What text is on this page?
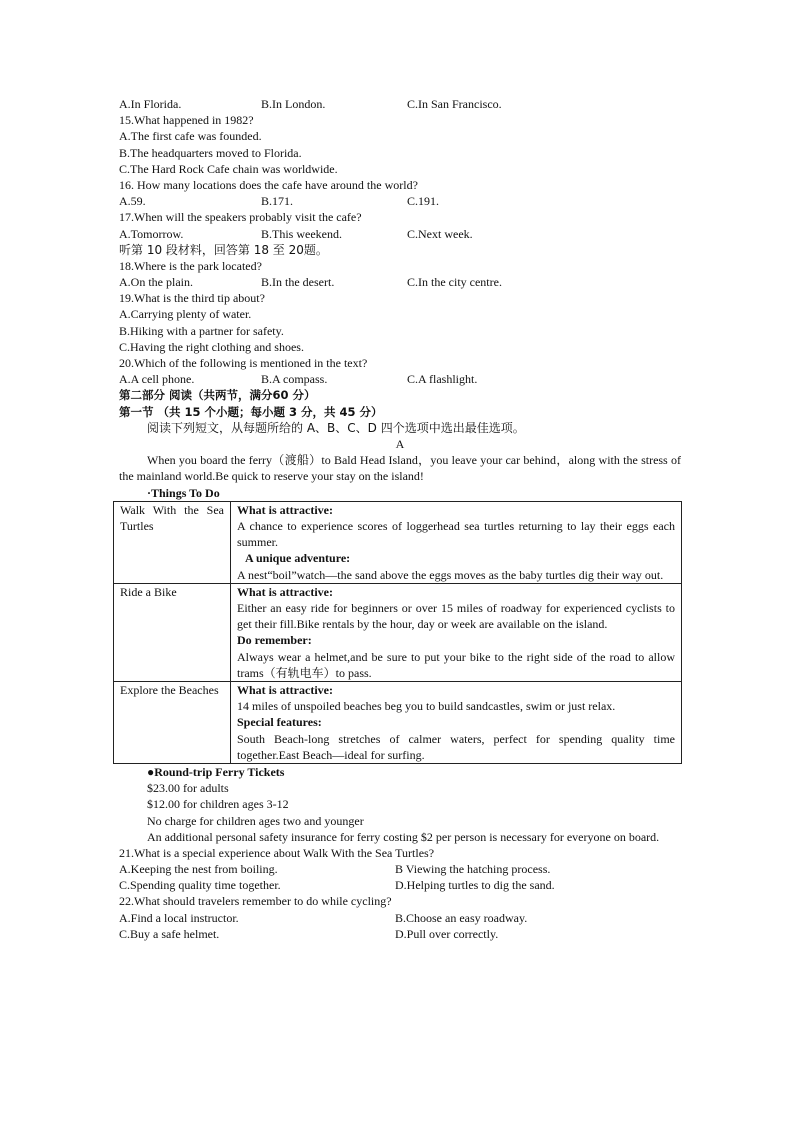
A.In Florida.	B.In London.	C.In San Francisco.
15.What happened in 1982?
A.The first cafe was founded.
B.The headquarters moved to Florida.
C.The Hard Rock Cafe chain was worldwide.
16. How many locations does the cafe have around the world?
A.59.	B.171.	C.191.
17.When will the speakers probably visit the cafe?
A.Tomorrow.	B.This weekend.	C.Next week.
听第 10 段材料，回答第 18 至 20题。
18.Where is the park located?
A.On the plain.	B.In the desert.	C.In the city centre.
19.What is the third tip about?
A.Carrying plenty of water.
B.Hiking with a partner for safety.
C.Having the right clothing and shoes.
20.Which of the following is mentioned in the text?
A.A cell phone.	B.A compass.	C.A flashlight.
第二部分 阅读（共两节，满分60 分）
第一节 （共 15 个小题；每小题 3 分，共 45 分）
阅读下列短文，从每题所给的 A、B、C、D 四个选项中选出最佳选项。
A
When you board the ferry（渡船）to Bald Head Island，you leave your car behind，along with the stress of the mainland world.Be quick to reserve your stay on the island!
·Things To Do
Walk With the Sea Turtles	What is attractive:
A chance to experience scores of loggerhead sea turtles returning to lay their eggs each summer.
A unique adventure:
A nest“boil”watch—the sand above the eggs moves as the baby turtles dig their way out.

Ride a Bike	What is attractive:
Either an easy ride for beginners or over 15 miles of roadway for experienced cyclists to get their fill.Bike rentals by the hour, day or week are available on the island.
Do remember:
Always wear a helmet,and be sure to put your bike to the right side of the road to allow trams（有轨电车）to pass.

Explore the Beaches	What is attractive:
14 miles of unspoiled beaches beg you to build sandcastles, swim or just relax.
Special features:
South Beach-long stretches of calmer waters, perfect for spending quality time together.East Beach—ideal for surfing.
●Round-trip Ferry Tickets
$23.00 for adults
$12.00 for children ages 3-12
No charge for children ages two and younger
An additional personal safety insurance for ferry costing $2 per person is necessary for everyone on board.
21.What is a special experience about Walk With the Sea Turtles?
A.Keeping the nest from boiling.	B Viewing the hatching process.
C.Spending quality time together.	D.Helping turtles to dig the sand.
22.What should travelers remember to do while cycling?
A.Find a local instructor.	B.Choose an easy roadway.
C.Buy a safe helmet.	D.Pull over correctly.
